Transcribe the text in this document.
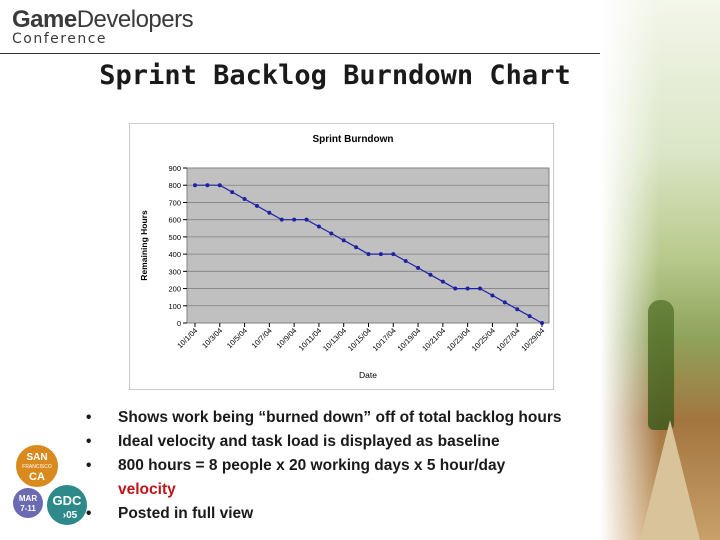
GameDevelopers
Conference
Sprint Backlog Burndown Chart
0
100
200
300
400
500
600
700
800
900
10/1/04 10/3/04 10/5/04 10/7/04 10/9/04
10/11/04
10/13/04
10/15/04
10/17/04
10/19/04
10/21/04
10/23/04
10/25/04
10/27/04
10/29/04
Sprint Burndown
Date
Remaining Hours
• Shows work being “burned down” off of total backlog hours
• Ideal velocity and task load is displayed as baseline
• 800 hours = 8 people x 20 working days x 5 hour/day
velocity
• Posted in full view
SAN
FRANCISCO
CA
MAR
7-11
GDC
›05
